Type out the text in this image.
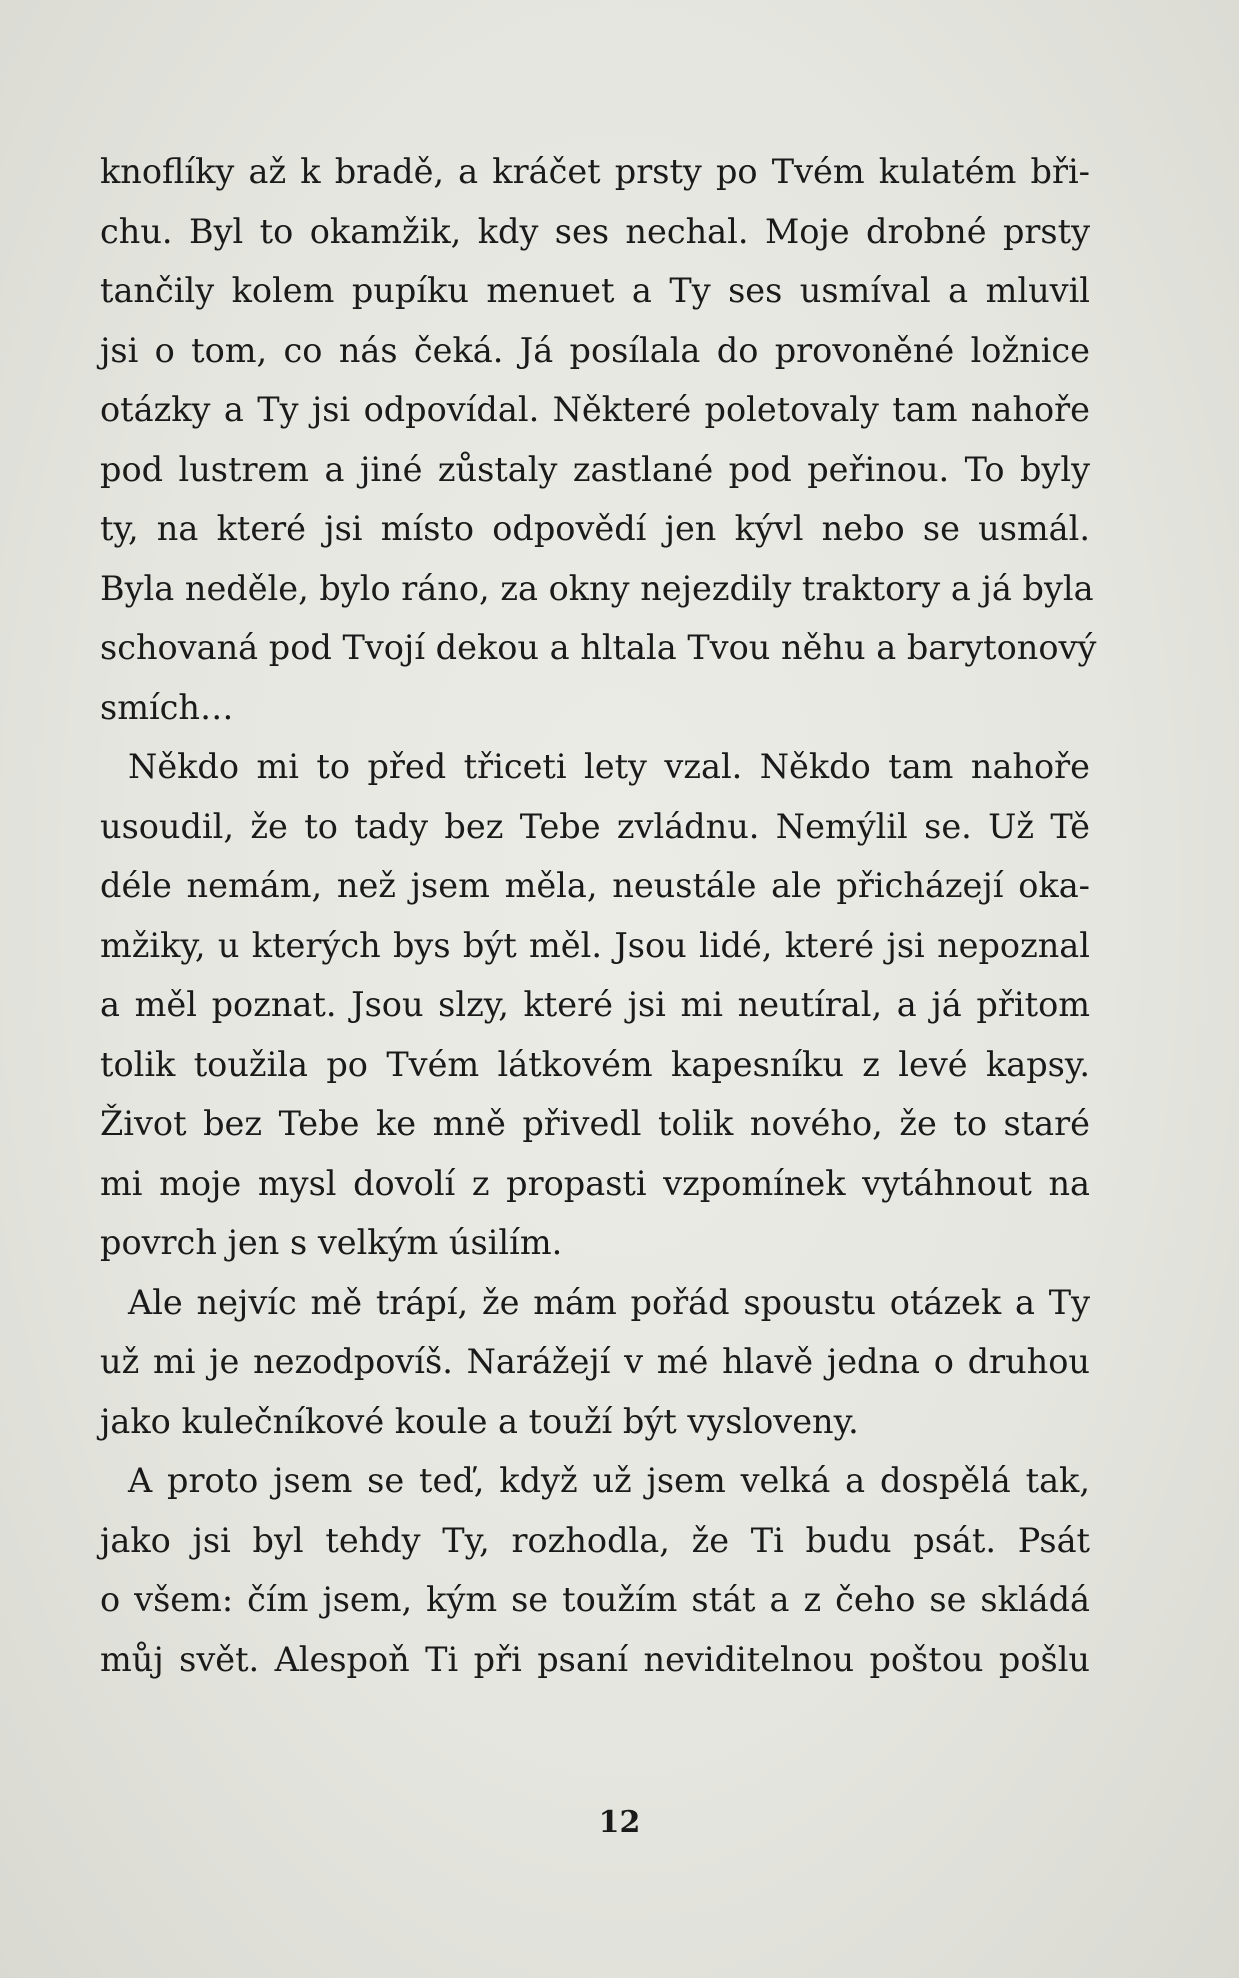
knoflíky až k bradě, a kráčet prsty po Tvém kulatém bři-
chu. Byl to okamžik, kdy ses nechal. Moje drobné prsty
tančily kolem pupíku menuet a Ty ses usmíval a mluvil
jsi o tom, co nás čeká. Já posílala do provoněné ložnice
otázky a Ty jsi odpovídal. Některé poletovaly tam nahoře
pod lustrem a jiné zůstaly zastlané pod peřinou. To byly
ty, na které jsi místo odpovědí jen kývl nebo se usmál.
Byla neděle, bylo ráno, za okny nejezdily traktory a já byla
schovaná pod Tvojí dekou a hltala Tvou něhu a barytonový
smích…
Někdo mi to před třiceti lety vzal. Někdo tam nahoře
usoudil, že to tady bez Tebe zvládnu. Nemýlil se. Už Tě
déle nemám, než jsem měla, neustále ale přicházejí oka-
mžiky, u kterých bys být měl. Jsou lidé, které jsi nepoznal
a měl poznat. Jsou slzy, které jsi mi neutíral, a já přitom
tolik toužila po Tvém látkovém kapesníku z levé kapsy.
Život bez Tebe ke mně přivedl tolik nového, že to staré
mi moje mysl dovolí z propasti vzpomínek vytáhnout na
povrch jen s velkým úsilím.
Ale nejvíc mě trápí, že mám pořád spoustu otázek a Ty
už mi je nezodpovíš. Narážejí v mé hlavě jedna o druhou
jako kulečníkové koule a touží být vysloveny.
A proto jsem se teď, když už jsem velká a dospělá tak,
jako jsi byl tehdy Ty, rozhodla, že Ti budu psát. Psát
o všem: čím jsem, kým se toužím stát a z čeho se skládá
můj svět. Alespoň Ti při psaní neviditelnou poštou pošlu
12
